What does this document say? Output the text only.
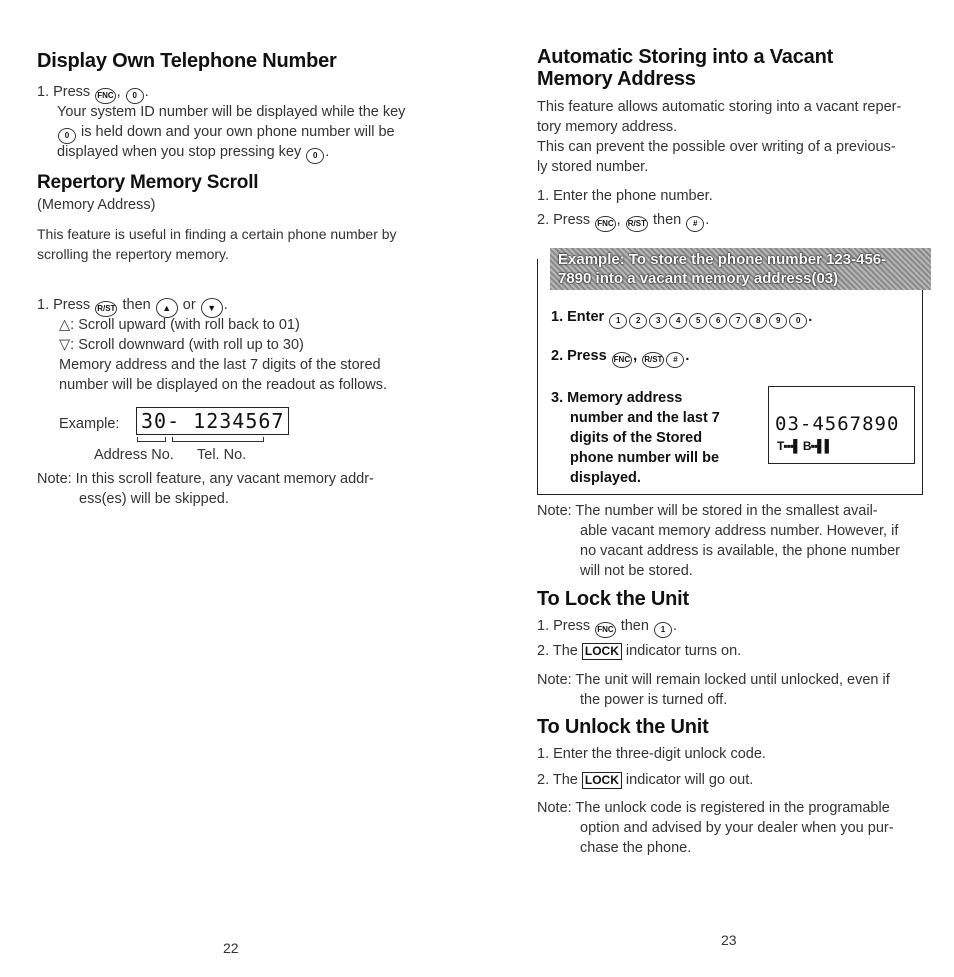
Display Own Telephone Number
1. Press FNC , 0 .
Your system ID number will be displayed while the key
0 is held down and your own phone number will be
displayed when you stop pressing key 0 .
Repertory Memory Scroll
(Memory Address)
This feature is useful in finding a certain phone number by
scrolling the repertory memory.
1. Press R/ST then ▲ or ▼ .
△: Scroll upward (with roll back to 01)
▽: Scroll downward (with roll up to 30)
Memory address and the last 7 digits of the stored
number will be displayed on the readout as follows.
Example: 30- 1234567
Address No. Tel. No.
Note: In this scroll feature, any vacant memory addr-
ess(es) will be skipped.
22
Automatic Storing into a Vacant
Memory Address
This feature allows automatic storing into a vacant reper-
tory memory address.
This can prevent the possible over writing of a previous-
ly stored number.
1. Enter the phone number.
2. Press FNC , R/ST then # .
Example: To store the phone number 123-456-
7890 into a vacant memory address(03)
1. Enter 1 2 3 4 5 6 7 8 9 0 .
2. Press FNC , R/ST # .
3. Memory address
number and the last 7
digits of the Stored
phone number will be
displayed.
03-4567890
T▪▪▪▌ B▪▪▌▌
Note: The number will be stored in the smallest avail-
able vacant memory address number. However, if
no vacant address is available, the phone number
will not be stored.
To Lock the Unit
1. Press FNC then 1 .
2. The LOCK indicator turns on.
Note: The unit will remain locked until unlocked, even if
the power is turned off.
To Unlock the Unit
1. Enter the three-digit unlock code.
2. The LOCK indicator will go out.
Note: The unlock code is registered in the programable
option and advised by your dealer when you pur-
chase the phone.
23
